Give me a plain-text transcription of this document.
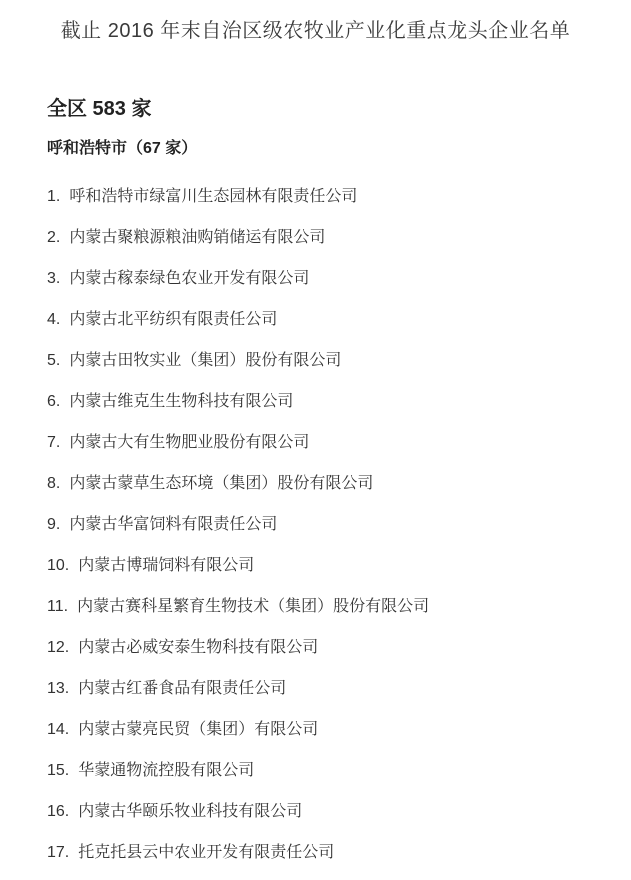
截止 2016 年末自治区级农牧业产业化重点龙头企业名单
全区 583 家
呼和浩特市（67 家）
1. 呼和浩特市绿富川生态园林有限责任公司
2. 内蒙古聚粮源粮油购销储运有限公司
3. 内蒙古稼泰绿色农业开发有限公司
4. 内蒙古北平纺织有限责任公司
5. 内蒙古田牧实业（集团）股份有限公司
6. 内蒙古维克生生物科技有限公司
7. 内蒙古大有生物肥业股份有限公司
8. 内蒙古蒙草生态环境（集团）股份有限公司
9. 内蒙古华富饲料有限责任公司
10. 内蒙古博瑞饲料有限公司
11. 内蒙古赛科星繁育生物技术（集团）股份有限公司
12. 内蒙古必威安泰生物科技有限公司
13. 内蒙古红番食品有限责任公司
14. 内蒙古蒙亮民贸（集团）有限公司
15. 华蒙通物流控股有限公司
16. 内蒙古华颐乐牧业科技有限公司
17. 托克托县云中农业开发有限责任公司
